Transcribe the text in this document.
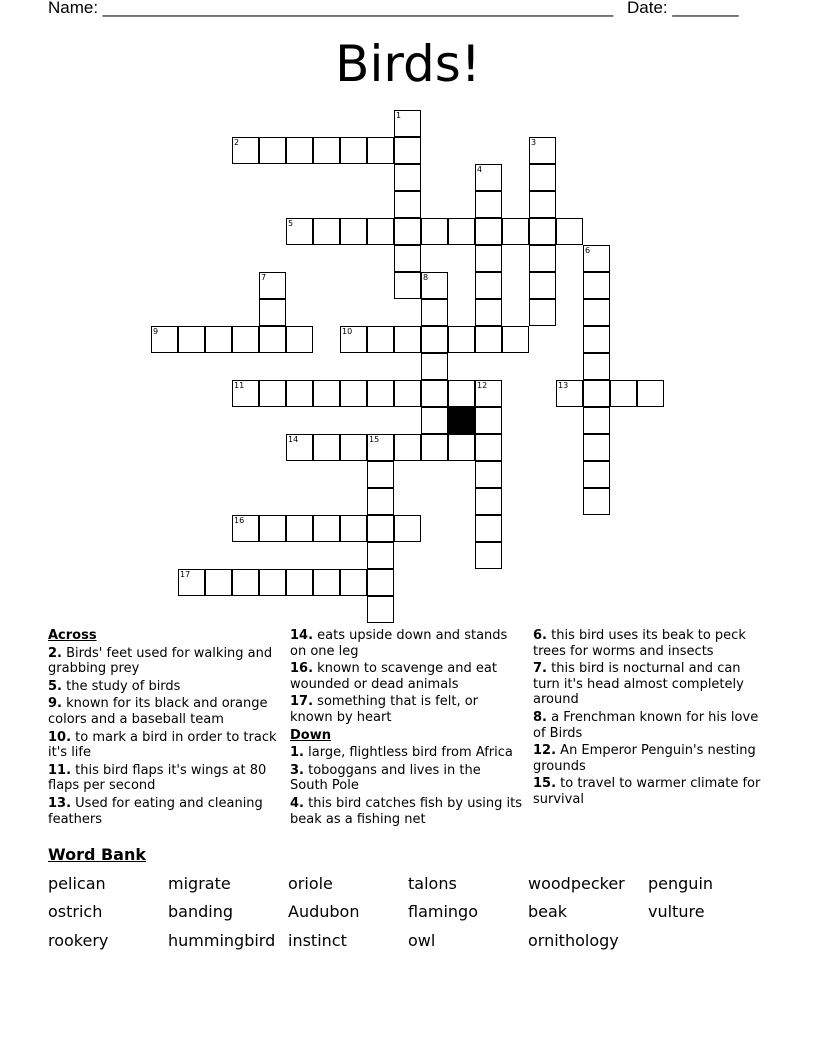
Name: ______________________________________________________ Date: _______
Birds!
1
2	3
4
5
6
7	8
9	10
11	12	13
14	15
16
17

Across

2. Birds' feet used for walking and grabbing prey

5. the study of birds

9. known for its black and orange colors and a baseball team

10. to mark a bird in order to track it's life

11. this bird flaps it's wings at 80 flaps per second

13. Used for eating and cleaning feathers

14. eats upside down and stands on one leg

16. known to scavenge and eat wounded or dead animals

17. something that is felt, or known by heart

Down

1. large, flightless bird from Africa

3. toboggans and lives in the South Pole

4. this bird catches fish by using its beak as a fishing net

6. this bird uses its beak to peck trees for worms and insects

7. this bird is nocturnal and can turn it's head almost completely around

8. a Frenchman known for his love of Birds

12. An Emperor Penguin's nesting grounds

15. to travel to warmer climate for survival

Word Bank
pelican	migrate	oriole	talons	woodpecker penguin
ostrich	banding	Audubon	flamingo	beak	vulture
rookery	hummingbird instinct	owl	ornithology
